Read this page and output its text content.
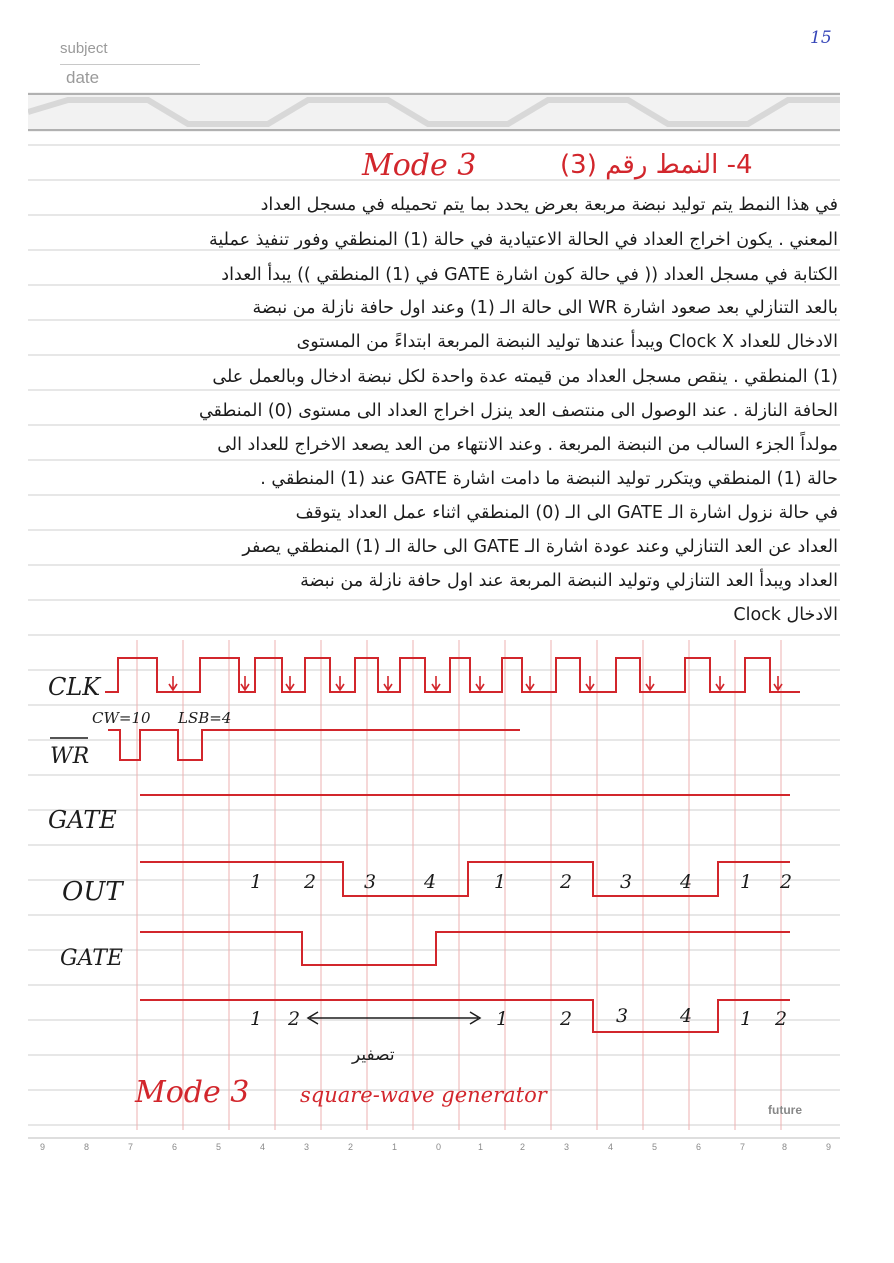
subject
date
15
Mode 3	4- النمط رقم (3)
في هذا النمط يتم توليد نبضة مربعة بعرض يحدد بما يتم تحميله في مسجل العداد
المعني . يكون اخراج العداد في الحالة الاعتيادية في حالة (1) المنطقي وفور تنفيذ عملية
الكتابة في مسجل العداد (( في حالة كون اشارة GATE في (1) المنطقي )) يبدأ العداد
بالعد التنازلي بعد صعود اشارة WR الى حالة الـ (1) وعند اول حافة نازلة من نبضة
الادخال للعداد Clock X ويبدأ عندها توليد النبضة المربعة ابتداءً من المستوى
(1) المنطقي . ينقص مسجل العداد من قيمته عدة واحدة لكل نبضة ادخال وبالعمل على
الحافة النازلة . عند الوصول الى منتصف العد ينزل اخراج العداد الى مستوى (0) المنطقي
مولداً الجزء السالب من النبضة المربعة . وعند الانتهاء من العد يصعد الاخراج للعداد الى
حالة (1) المنطقي ويتكرر توليد النبضة ما دامت اشارة GATE عند (1) المنطقي .
في حالة نزول اشارة الـ GATE الى الـ (0) المنطقي اثناء عمل العداد يتوقف
العداد عن العد التنازلي وعند عودة اشارة الـ GATE الى حالة الـ (1) المنطقي يصفر
العداد ويبدأ العد التنازلي وتوليد النبضة المربعة عند اول حافة نازلة من نبضة
الادخال Clock
CLK
WR
GATE
OUT
GATE
CW=10 LSB=4
1 2	3	4	1	2	3	4	1 2
1 2	1	2 3	4	1 2
تصفير
Mode 3 square-wave generator
future
9	8	7	6	5	4	3	2	1	0	1	2	3	4	5	6	7	8	9
